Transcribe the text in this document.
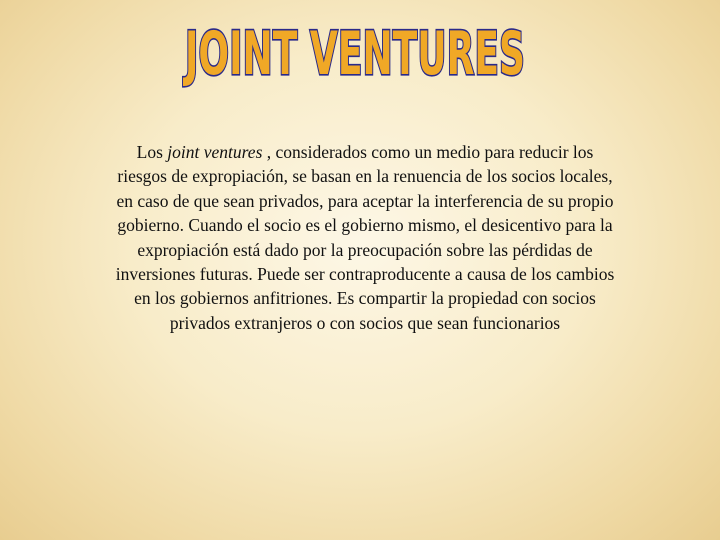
JOINT VENTURES

Los joint ventures , considerados como un medio para reducir los riesgos de expropiación, se basan en la renuencia de los socios locales, en caso de que sean privados, para aceptar la interferencia de su propio gobierno. Cuando el socio es el gobierno mismo, el desicentivo para la expropiación está dado por la preocupación sobre las pérdidas de inversiones futuras. Puede ser contraproducente a causa de los cambios en los gobiernos anfitriones. Es compartir la propiedad con socios privados extranjeros o con socios que sean funcionarios
